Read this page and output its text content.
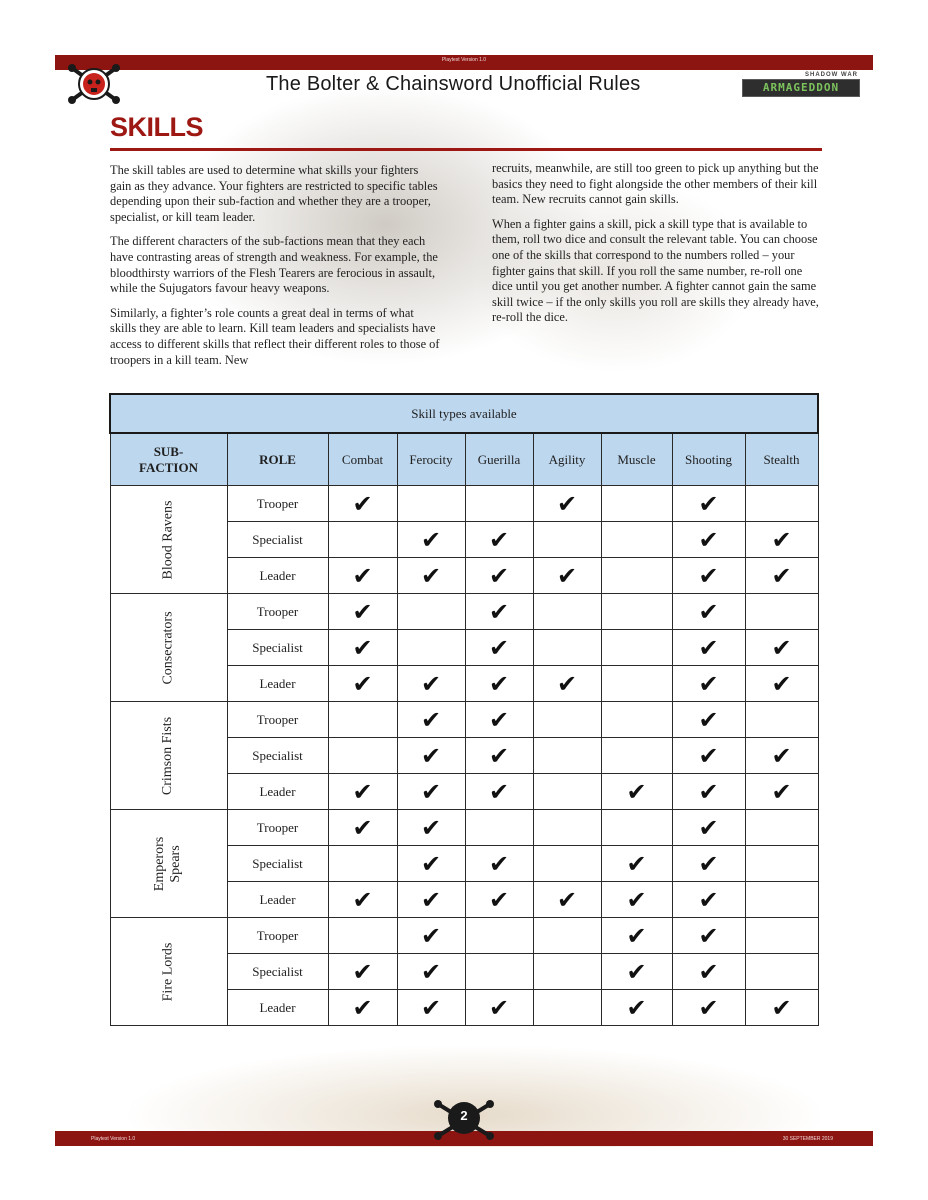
Playtest Version 1.0
The Bolter & Chainsword Unofficial Rules	SHADOW WAR
ARMAGEDDON
SKILLS

The skill tables are used to determine what skills your fighters gain as they advance. Your fighters are restricted to specific tables depending upon their sub-faction and whether they are a trooper, specialist, or kill team leader.

The different characters of the sub-factions mean that they each have contrasting areas of strength and weakness. For example, the bloodthirsty warriors of the Flesh Tearers are ferocious in assault, while the Sujugators favour heavy weapons.

Similarly, a fighter’s role counts a great deal in terms of what skills they are able to learn. Kill team leaders and specialists have access to different skills that reflect their different roles to those of troopers in a kill team. New

recruits, meanwhile, are still too green to pick up anything but the basics they need to fight alongside the other members of their kill team. New recruits cannot gain skills.

When a fighter gains a skill, pick a skill type that is available to them, roll two dice and consult the relevant table. You can choose one of the skills that correspond to the numbers rolled – your fighter gains that skill. If you roll the same number, re-roll one dice until you get another number. A fighter cannot gain the same skill twice – if the only skills you roll are skills they already have, re-roll the dice.

Skill types available								
SUB-
FACTION	ROLE	Combat	Ferocity	Guerilla	Agility	Muscle	Shooting	Stealth
Blood Ravens	Trooper	✔			✔		✔	
	Specialist		✔	✔			✔	✔
	Leader	✔	✔	✔	✔		✔	✔
Consecrators	Trooper	✔		✔			✔	
	Specialist	✔		✔			✔	✔
	Leader	✔	✔	✔	✔		✔	✔
Crimson Fists	Trooper		✔	✔			✔	
	Specialist		✔	✔			✔	✔
	Leader	✔	✔	✔		✔	✔	✔
Emperors
Spears	Trooper	✔	✔				✔	
	Specialist		✔	✔		✔	✔	
	Leader	✔	✔	✔	✔	✔	✔	
Fire Lords	Trooper		✔			✔	✔	
	Specialist	✔	✔			✔	✔	
	Leader	✔	✔	✔		✔	✔	✔
Playtest Version 1.0	30 SEPTEMBER 2019
2
